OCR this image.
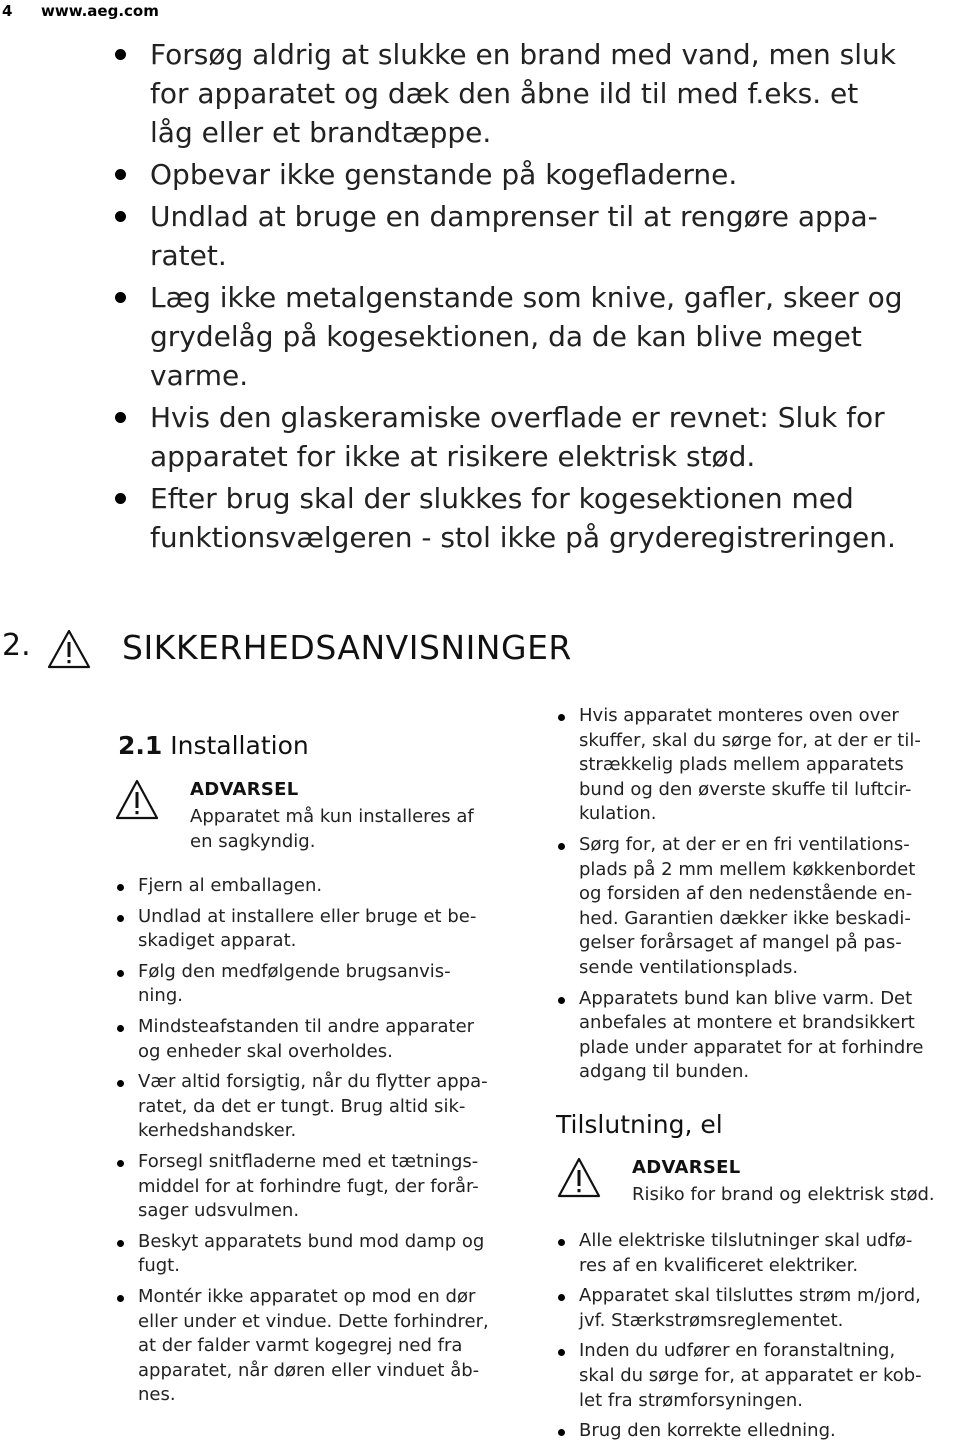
4 www.aeg.com
Forsøg aldrig at slukke en brand med vand, men sluk
for apparatet og dæk den åbne ild til med f.eks. et
låg eller et brandtæppe.
Opbevar ikke genstande på kogefladerne.
Undlad at bruge en damprenser til at rengøre appa-
ratet.
Læg ikke metalgenstande som knive, gafler, skeer og
grydelåg på kogesektionen, da de kan blive meget
varme.
Hvis den glaskeramiske overflade er revnet: Sluk for
apparatet for ikke at risikere elektrisk stød.
Efter brug skal der slukkes for kogesektionen med
funktionsvælgeren - stol ikke på gryderegistreringen.
2.	SIKKERHEDSANVISNINGER
2.1 Installation
ADVARSEL
Apparatet må kun installeres af
en sagkyndig.
Fjern al emballagen.
Undlad at installere eller bruge et be-
skadiget apparat.
Følg den medfølgende brugsanvis-
ning.
Mindsteafstanden til andre apparater
og enheder skal overholdes.
Vær altid forsigtig, når du flytter appa-
ratet, da det er tungt. Brug altid sik-
kerhedshandsker.
Forsegl snitfladerne med et tætnings-
middel for at forhindre fugt, der forår-
sager udsvulmen.
Beskyt apparatets bund mod damp og
fugt.
Montér ikke apparatet op mod en dør
eller under et vindue. Dette forhindrer,
at der falder varmt kogegrej ned fra
apparatet, når døren eller vinduet åb-
nes.
Hvis apparatet monteres oven over
skuffer, skal du sørge for, at der er til-
strækkelig plads mellem apparatets
bund og den øverste skuffe til luftcir-
kulation.
Sørg for, at der er en fri ventilations-
plads på 2 mm mellem køkkenbordet
og forsiden af den nedenstående en-
hed. Garantien dækker ikke beskadi-
gelser forårsaget af mangel på pas-
sende ventilationsplads.
Apparatets bund kan blive varm. Det
anbefales at montere et brandsikkert
plade under apparatet for at forhindre
adgang til bunden.
Tilslutning, el
ADVARSEL
Risiko for brand og elektrisk stød.
Alle elektriske tilslutninger skal udfø-
res af en kvalificeret elektriker.
Apparatet skal tilsluttes strøm m/jord,
jvf. Stærkstrømsreglementet.
Inden du udfører en foranstaltning,
skal du sørge for, at apparatet er kob-
let fra strømforsyningen.
Brug den korrekte elledning.
